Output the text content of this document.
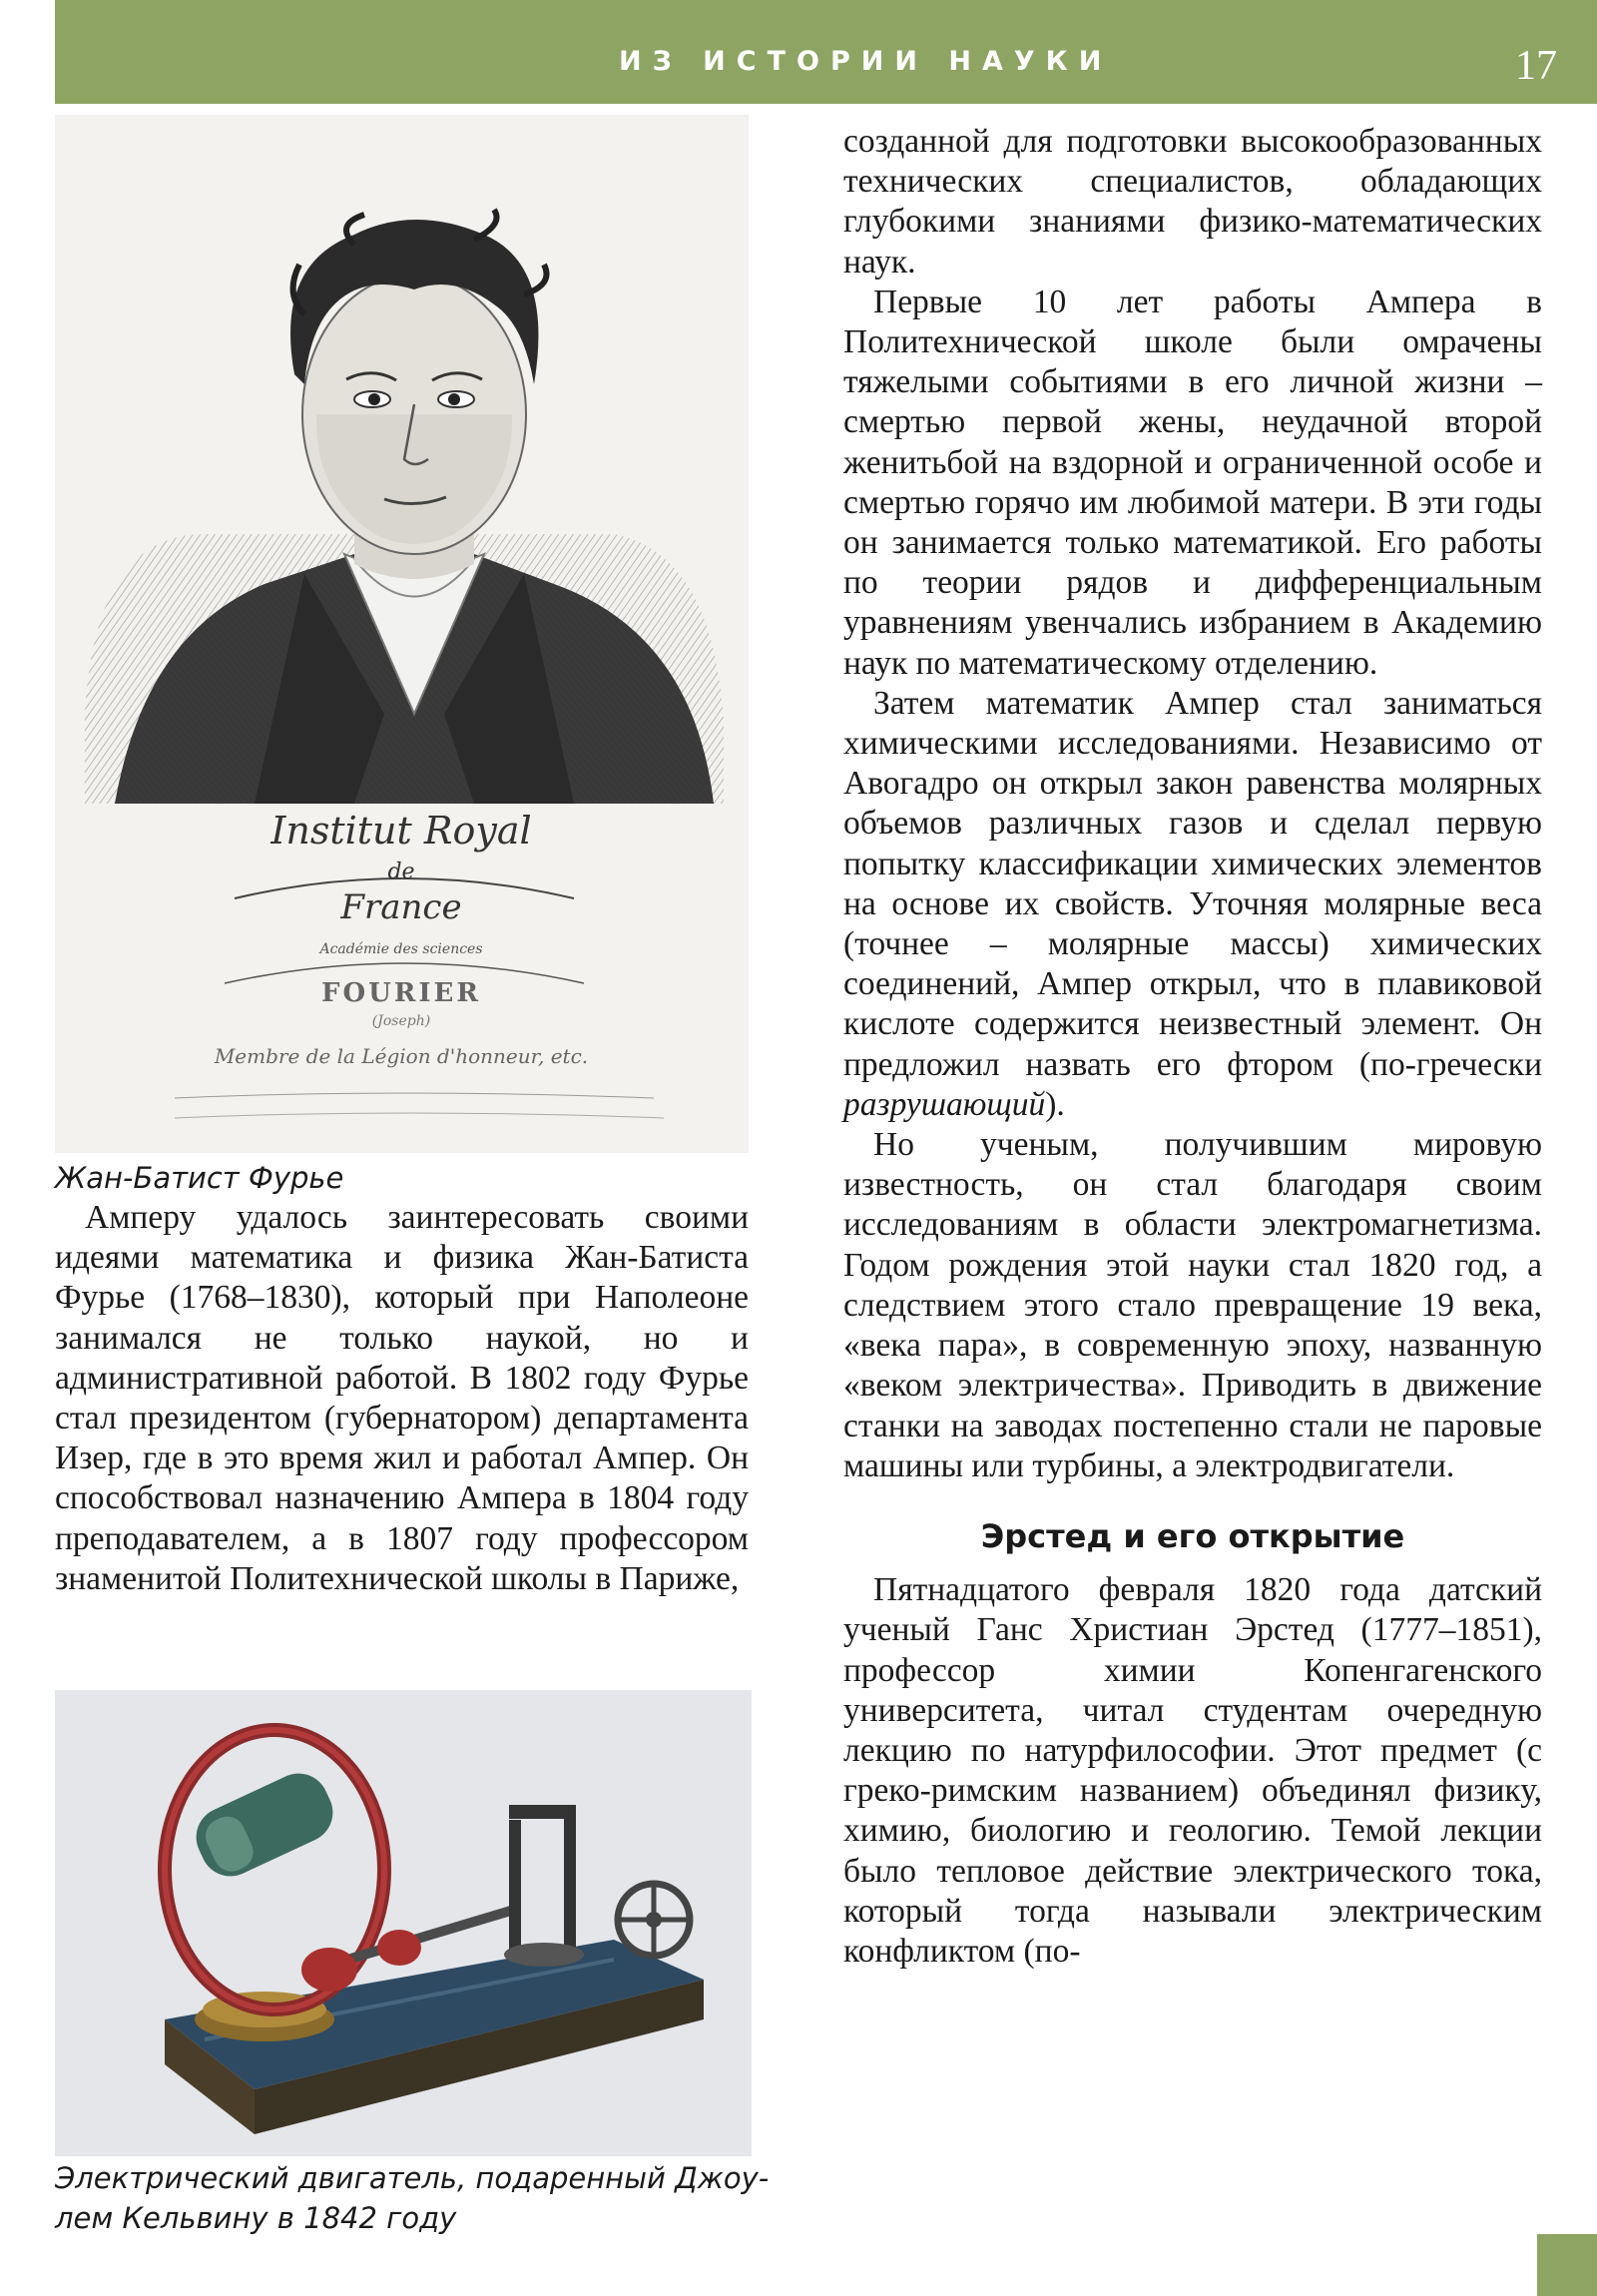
ИЗ ИСТОРИИ НАУКИ	17
Institut Royal
de
France
Académie des sciences
FOURIER
(Joseph)
Membre de la Légion d'honneur, etc.
Жан-Батист Фурье

Амперу удалось заинтересовать своими идеями математика и физика Жан-Батиста Фурье (1768–1830), который при Наполеоне занимался не только наукой, но и административной работой. В 1802 году Фурье стал президентом (губернатором) департамента Изер, где в это время жил и работал Ампер. Он способствовал назначению Ампера в 1804 году преподавателем, а в 1807 году профессором знаменитой Политехнической школы в Париже,

Электрический двигатель, подаренный Джоу-
лем Кельвину в 1842 году

созданной для подготовки высокообразованных технических специалистов, обладающих глубокими знаниями физико-математических наук.

Первые 10 лет работы Ампера в Политехнической школе были омрачены тяжелыми событиями в его личной жизни – смертью первой жены, неудачной второй женитьбой на вздорной и ограниченной особе и смертью горячо им любимой матери. В эти годы он занимается только математикой. Его работы по теории рядов и дифференциальным уравнениям увенчались избранием в Академию наук по математическому отделению.

Затем математик Ампер стал заниматься химическими исследованиями. Независимо от Авогадро он открыл закон равенства молярных объемов различных газов и сделал первую попытку классификации химических элементов на основе их свойств. Уточняя молярные веса (точнее – молярные массы) химических соединений, Ампер открыл, что в плавиковой кислоте содержится неизвестный элемент. Он предложил назвать его фтором (по-гречески разрушающий).

Но ученым, получившим мировую известность, он стал благодаря своим исследованиям в области электромагнетизма. Годом рождения этой науки стал 1820 год, а следствием этого стало превращение 19 века, «века пара», в современную эпоху, названную «веком электричества». Приводить в движение станки на заводах постепенно стали не паровые машины или турбины, а электродвигатели.

Эрстед и его открытие

Пятнадцатого февраля 1820 года датский ученый Ганс Христиан Эрстед (1777–1851), профессор химии Копенгагенского университета, читал студентам очередную лекцию по натурфилософии. Этот предмет (с греко-римским названием) объединял физику, химию, биологию и геологию. Темой лекции было тепловое действие электрического тока, который тогда называли электрическим конфликтом (по-
